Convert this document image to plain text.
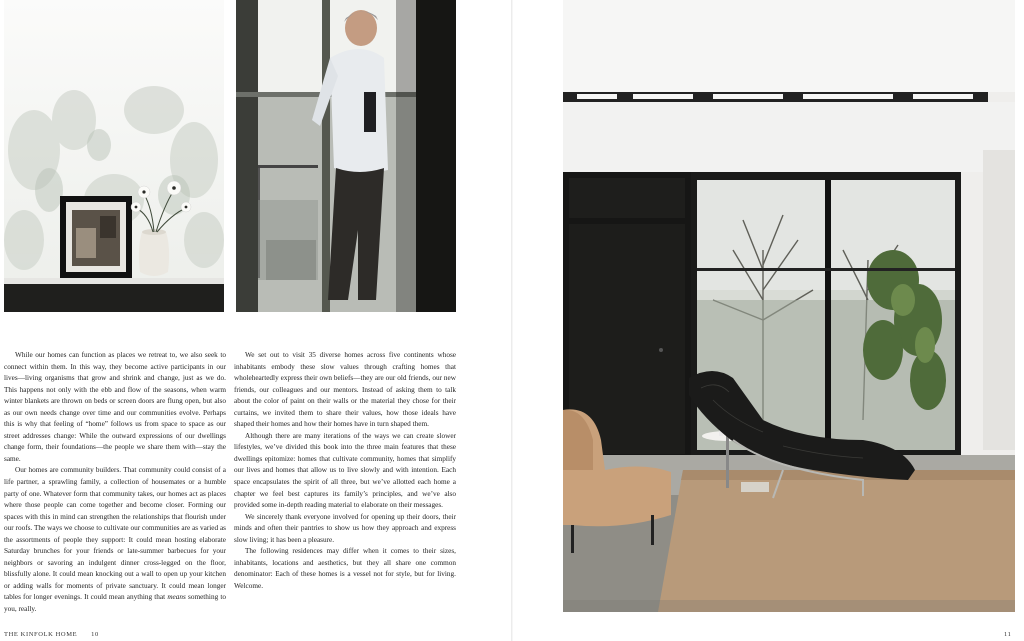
While our homes can function as places we retreat to, we also seek to connect within them. In this way, they become active participants in our lives—living organisms that grow and shrink and change, just as we do. This happens not only with the ebb and flow of the seasons, when warm winter blankets are thrown on beds or screen doors are flung open, but also as our own needs change over time and our communities evolve. Perhaps this is why that feeling of “home” follows us from space to space as our street addresses change: While the outward expressions of our dwellings change form, their foundations—the people we share them with—stay the same.

Our homes are community builders. That community could consist of a life partner, a sprawling family, a collection of housemates or a humble party of one. Whatever form that community takes, our homes act as places where those people can come together and become closer. Forming our spaces with this in mind can strengthen the relationships that flourish under our roofs. The ways we choose to cultivate our communities are as varied as the assortments of people they support: It could mean hosting elaborate Saturday brunches for your friends or late-summer barbecues for your neighbors or savoring an indulgent dinner cross-legged on the floor, blissfully alone. It could mean knocking out a wall to open up your kitchen or adding walls for moments of private sanctuary. It could mean longer tables for longer evenings. It could mean anything that means something to you, really.

We set out to visit 35 diverse homes across five continents whose inhabitants embody these slow values through crafting homes that wholeheartedly express their own beliefs—they are our old friends, our new friends, our colleagues and our mentors. Instead of asking them to talk about the color of paint on their walls or the material they chose for their curtains, we invited them to share their values, how those ideals have shaped their homes and how their homes have in turn shaped them.

Although there are many iterations of the ways we can create slower lifestyles, we’ve divided this book into the three main features that these dwellings epitomize: homes that cultivate community, homes that simplify our lives and homes that allow us to live slowly and with intention. Each space encapsulates the spirit of all three, but we’ve allotted each home a chapter we feel best captures its family’s principles, and we’ve also provided some in-depth reading material to elaborate on their messages.

We sincerely thank everyone involved for opening up their doors, their minds and often their pantries to show us how they approach and express slow living; it has been a pleasure.

The following residences may differ when it comes to their sizes, inhabitants, locations and aesthetics, but they all share one common denominator: Each of these homes is a vessel not for style, but for living. Welcome.

THE KINFOLK HOME 10	11
